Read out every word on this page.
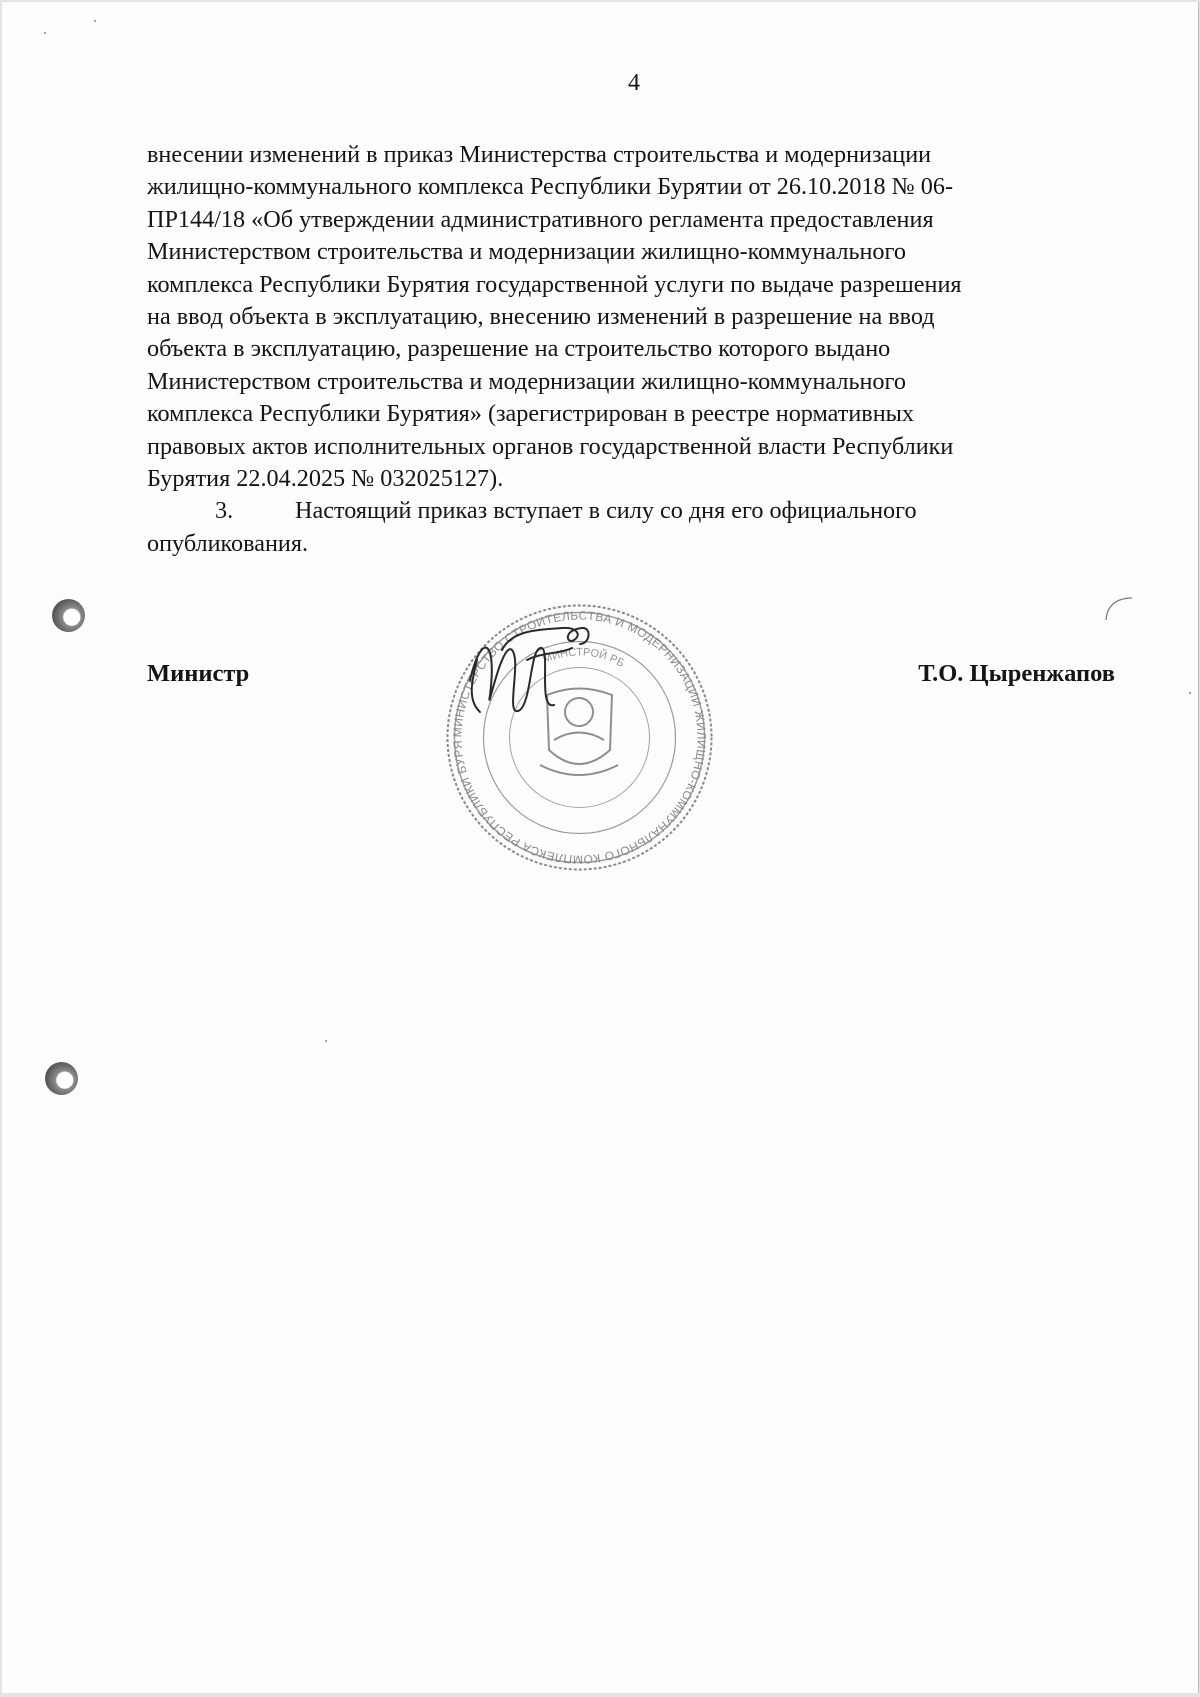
4
внесении изменений в приказ Министерства строительства и модернизации
жилищно-коммунального комплекса Республики Бурятии от 26.10.2018 № 06-
ПР144/18 «Об утверждении административного регламента предоставления
Министерством строительства и модернизации жилищно-коммунального
комплекса Республики Бурятия государственной услуги по выдаче разрешения
на ввод объекта в эксплуатацию, внесению изменений в разрешение на ввод
объекта в эксплуатацию, разрешение на строительство которого выдано
Министерством строительства и модернизации жилищно-коммунального
комплекса Республики Бурятия» (зарегистрирован в реестре нормативных
правовых актов исполнительных органов государственной власти Республики
Бурятия 22.04.2025 № 032025127).
3.	Настоящий приказ вступает в силу со дня его официального
опубликования.
Министр	Т.О. Цыренжапов
МИНИСТЕРСТВО СТРОИТЕЛЬСТВА И МОДЕРНИЗАЦИИ ЖИЛИЩНО-КОММУНАЛЬНОГО КОМПЛЕКСА РЕСПУБЛИКИ БУРЯ
МИНСТРОЙ РБ
